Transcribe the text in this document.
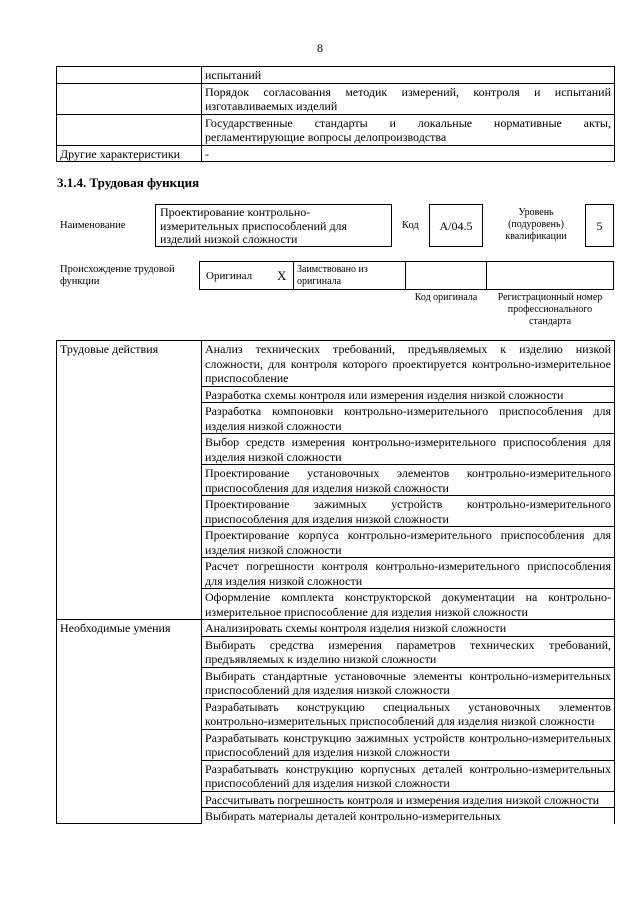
8
	испытаний
	Порядок согласования методик измерений, контроля и испытаний изготавливаемых изделий
	Государственные стандарты и локальные нормативные акты, регламентирующие вопросы делопроизводства
Другие характеристики	-
3.1.4. Трудовая функция
Наименование
Проектирование контрольно-измерительных приспособлений для изделий низкой сложности
Код	А/04.5
Уровень (подуровень) квалификации
5
Происхождение трудовой функции	Оригинал X Заимствовано из оригинала
Код оригинала	Регистрационный номер профессионального стандарта
Трудовые действия	Анализ технических требований, предъявляемых к изделию низкой сложности, для контроля которого проектируется контрольно-измерительное приспособление
	Разработка схемы контроля или измерения изделия низкой сложности
	Разработка компоновки контрольно-измерительного приспособления для изделия низкой сложности
	Выбор средств измерения контрольно-измерительного приспособления для изделия низкой сложности
	Проектирование установочных элементов контрольно-измерительного приспособления для изделия низкой сложности
	Проектирование зажимных устройств контрольно-измерительного приспособления для изделия низкой сложности
	Проектирование корпуса контрольно-измерительного приспособления для изделия низкой сложности
	Расчет погрешности контроля контрольно-измерительного приспособления для изделия низкой сложности
	Оформление комплекта конструкторской документации на контрольно-измерительное приспособление для изделия низкой сложности
Необходимые умения	Анализировать схемы контроля изделия низкой сложности
	Выбирать средства измерения параметров технических требований, предъявляемых к изделию низкой сложности
	Выбирать стандартные установочные элементы контрольно-измерительных приспособлений для изделия низкой сложности
	Разрабатывать конструкцию специальных установочных элементов контрольно-измерительных приспособлений для изделия низкой сложности
	Разрабатывать конструкцию зажимных устройств контрольно-измерительных приспособлений для изделия низкой сложности
	Разрабатывать конструкцию корпусных деталей контрольно-измерительных приспособлений для изделия низкой сложности
	Рассчитывать погрешность контроля и измерения изделия низкой сложности
	Выбирать материалы деталей контрольно-измерительных
